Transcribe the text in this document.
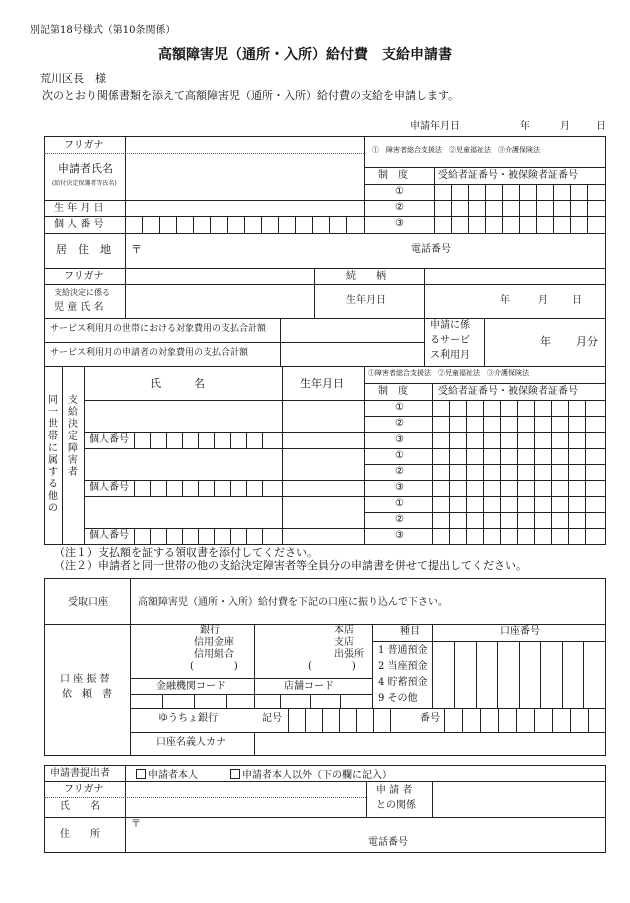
別記第18号様式（第10条関係）
高額障害児（通所・入所）給付費　支給申請書
荒川区長　様
次のとおり関係書類を添えて高額障害児（通所・入所）給付費の支給を申請します。
申請年月日	年	月	日
フリガナ
申請者氏名
(給付決定保護者等氏名)
①　障害者総合支援法　②児童福祉法　③介護保険法
制　度	受給者証番号・被保険者証番号
①
②
③
生 年 月 日
個 人 番 号
居　住　地 〒	電話番号
フリガナ	続　　柄
支給決定に係る
児 童 氏 名
生年月日	年	月 日
サービス利用月の世帯における対象費用の支払合計額
サービス利用月の申請者の対象費用の支払合計額
申請に係
るサービ
ス利用月
年 月分
同一世帯に属する他の
支給決定障害者
氏　　　名	生年月日
①障害者総合支援法　②児童福祉法　③介護保険法
制　度	受給者証番号・被保険者証番号
①
②
③
①
②
③
①
②
③
個人番号
個人番号
個人番号
（注１）支払額を証する領収書を添付してください。
（注２）申請者と同一世帯の他の支給決定障害者等全員分の申請書を併せて提出してください。
受取口座	高額障害児（通所・入所）給付費を下記の口座に振り込んで下さい。
口 座 振 替
依　頼　書
銀行
信用金庫
信用組合
(　　　　)
本店
支店
出張所
(　　　　)
種目	口座番号
1 普通預金
2 当座預金
4 貯蓄預金
9 その他
金融機関コード	店舗コード
ゆうちょ銀行	記号	番号
口座名義人カナ
申請書提出者	申請者本人	申請者本人以外（下の欄に記入）
フリガナ
氏　　名
申 請 者
との関係
住　　所
〒
電話番号
